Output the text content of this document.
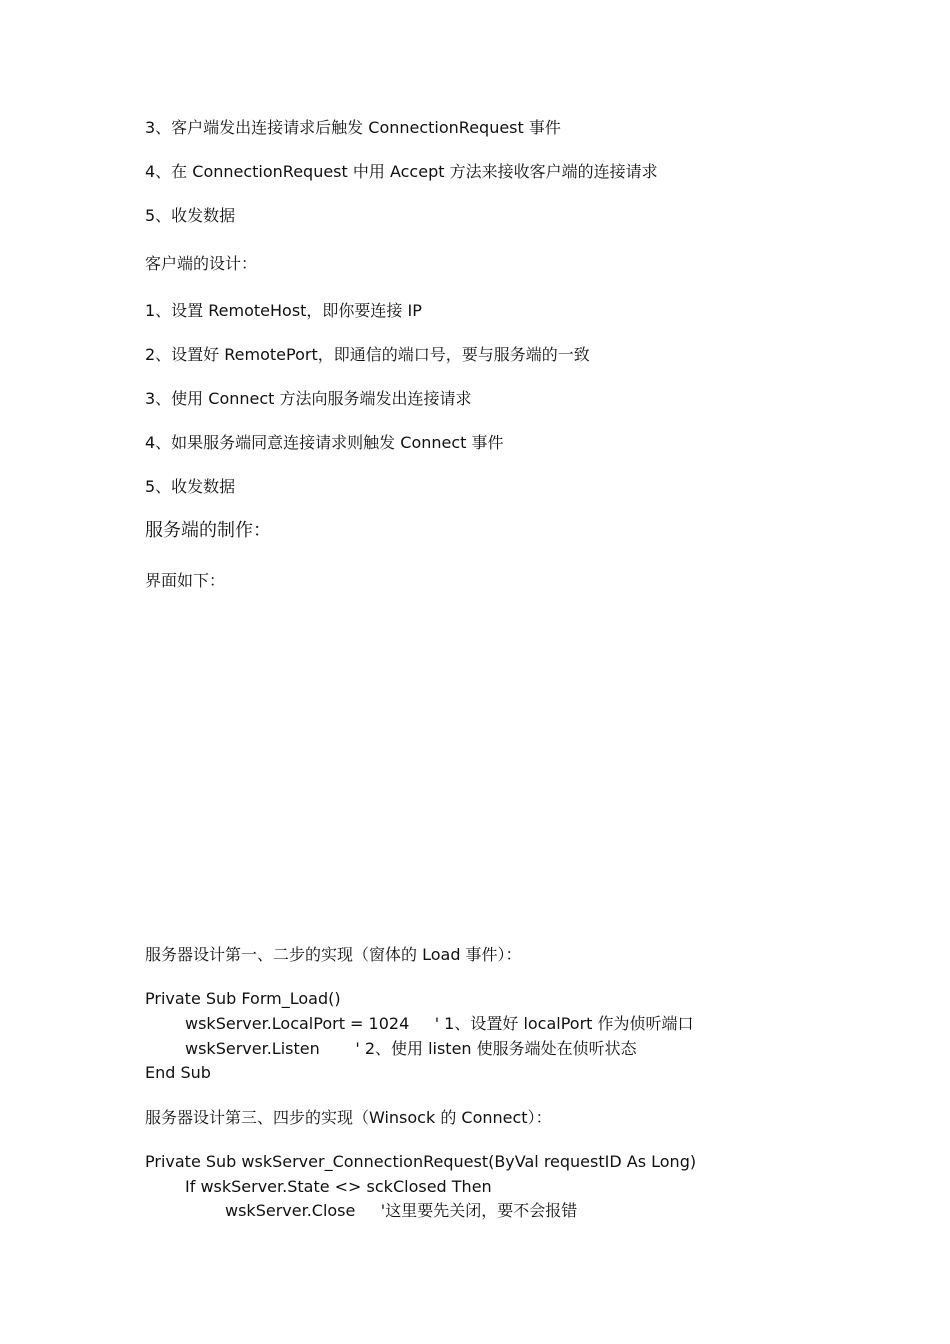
3、客户端发出连接请求后触发 ConnectionRequest 事件
4、在 ConnectionRequest 中用 Accept 方法来接收客户端的连接请求
5、收发数据
客户端的设计：
1、设置 RemoteHost，即你要连接 IP
2、设置好 RemotePort，即通信的端口号，要与服务端的一致
3、使用 Connect 方法向服务端发出连接请求
4、如果服务端同意连接请求则触发 Connect 事件
5、收发数据
服务端的制作：
界面如下：
服务器设计第一、二步的实现（窗体的 Load 事件）：
Private Sub Form_Load()
wskServer.LocalPort = 1024     ' 1、设置好 localPort 作为侦听端口
wskServer.Listen       ' 2、使用 listen 使服务端处在侦听状态
End Sub
服务器设计第三、四步的实现（Winsock 的 Connect）：
Private Sub wskServer_ConnectionRequest(ByVal requestID As Long)
If wskServer.State <> sckClosed Then
wskServer.Close     '这里要先关闭，要不会报错
